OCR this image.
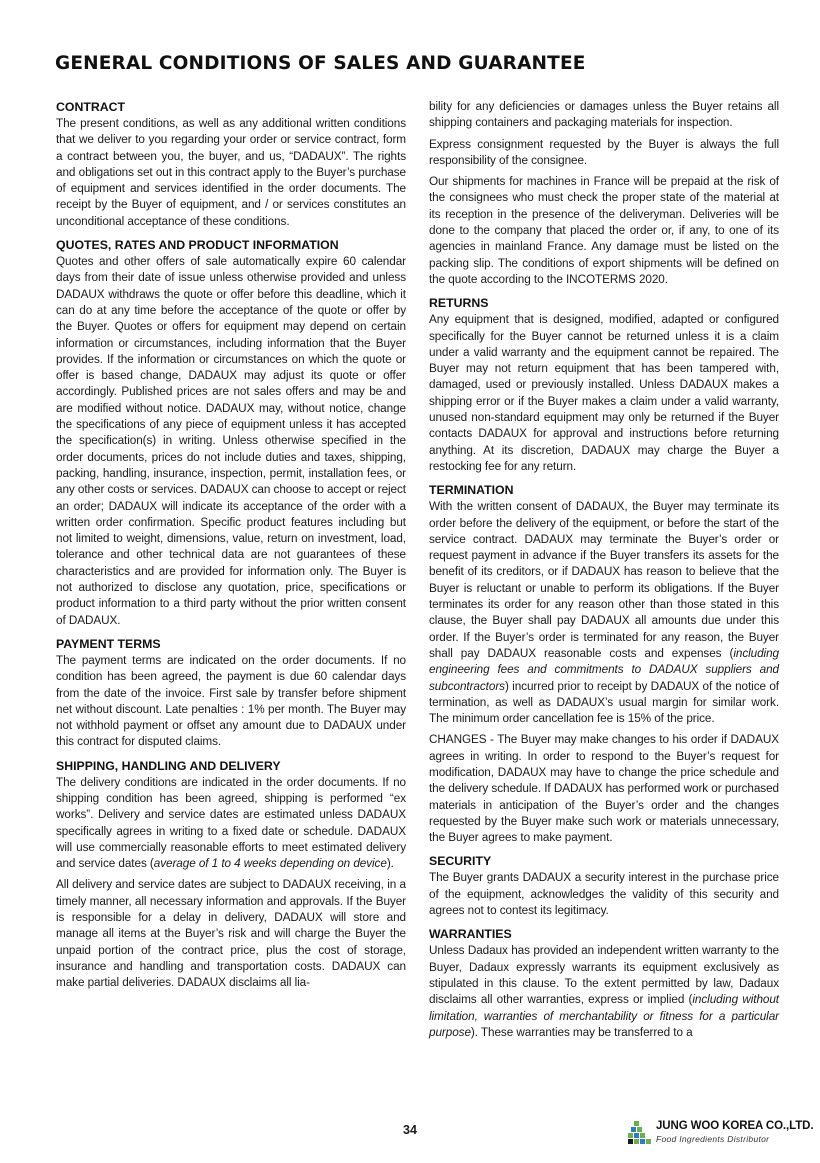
GENERAL CONDITIONS OF SALES AND GUARANTEE
CONTRACT

The present conditions, as well as any additional written conditions that we deliver to you regarding your order or service contract, form a contract between you, the buyer, and us, “DADAUX”. The rights and obligations set out in this contract apply to the Buyer’s purchase of equipment and services identified in the order documents. The receipt by the Buyer of equipment, and / or services constitutes an unconditional acceptance of these conditions.

QUOTES, RATES AND PRODUCT INFORMATION

Quotes and other offers of sale automatically expire 60 calendar days from their date of issue unless otherwise provided and unless DADAUX withdraws the quote or offer before this deadline, which it can do at any time before the acceptance of the quote or offer by the Buyer. Quotes or offers for equipment may depend on certain information or circumstances, including information that the Buyer provides. If the information or circumstances on which the quote or offer is based change, DADAUX may adjust its quote or offer accordingly. Published prices are not sales offers and may be and are modified without notice. DADAUX may, without notice, change the specifications of any piece of equipment unless it has accepted the specification(s) in writing. Unless otherwise specified in the order documents, prices do not include duties and taxes, shipping, packing, handling, insurance, inspection, permit, installation fees, or any other costs or services. DADAUX can choose to accept or reject an order; DADAUX will indicate its acceptance of the order with a written order confirmation. Specific product features including but not limited to weight, dimensions, value, return on investment, load, tolerance and other technical data are not guarantees of these characteristics and are provided for information only. The Buyer is not authorized to disclose any quotation, price, specifications or product information to a third party without the prior written consent of DADAUX.

PAYMENT TERMS

The payment terms are indicated on the order documents. If no condition has been agreed, the payment is due 60 calendar days from the date of the invoice. First sale by transfer before shipment net without discount. Late penalties : 1% per month. The Buyer may not withhold payment or offset any amount due to DADAUX under this contract for disputed claims.

SHIPPING, HANDLING AND DELIVERY

The delivery conditions are indicated in the order documents. If no shipping condition has been agreed, shipping is performed “ex works”. Delivery and service dates are estimated unless DADAUX specifically agrees in writing to a fixed date or schedule. DADAUX will use commercially reasonable efforts to meet estimated delivery and service dates (average of 1 to 4 weeks depending on device).

All delivery and service dates are subject to DADAUX receiving, in a timely manner, all necessary information and approvals. If the Buyer is responsible for a delay in delivery, DADAUX will store and manage all items at the Buyer’s risk and will charge the Buyer the unpaid portion of the contract price, plus the cost of storage, insurance and handling and transportation costs. DADAUX can make partial deliveries. DADAUX disclaims all lia-

bility for any deficiencies or damages unless the Buyer retains all shipping containers and packaging materials for inspection.

Express consignment requested by the Buyer is always the full responsibility of the consignee.

Our shipments for machines in France will be prepaid at the risk of the consignees who must check the proper state of the material at its reception in the presence of the deliveryman. Deliveries will be done to the company that placed the order or, if any, to one of its agencies in mainland France. Any damage must be listed on the packing slip. The conditions of export shipments will be defined on the quote according to the INCOTERMS 2020.

RETURNS

Any equipment that is designed, modified, adapted or configured specifically for the Buyer cannot be returned unless it is a claim under a valid warranty and the equipment cannot be repaired. The Buyer may not return equipment that has been tampered with, damaged, used or previously installed. Unless DADAUX makes a shipping error or if the Buyer makes a claim under a valid warranty, unused non-standard equipment may only be returned if the Buyer contacts DADAUX for approval and instructions before returning anything. At its discretion, DADAUX may charge the Buyer a restocking fee for any return.

TERMINATION

With the written consent of DADAUX, the Buyer may terminate its order before the delivery of the equipment, or before the start of the service contract. DADAUX may terminate the Buyer’s order or request payment in advance if the Buyer transfers its assets for the benefit of its creditors, or if DADAUX has reason to believe that the Buyer is reluctant or unable to perform its obligations. If the Buyer terminates its order for any reason other than those stated in this clause, the Buyer shall pay DADAUX all amounts due under this order. If the Buyer’s order is terminated for any reason, the Buyer shall pay DADAUX reasonable costs and expenses (including engineering fees and commitments to DADAUX suppliers and subcontractors) incurred prior to receipt by DADAUX of the notice of termination, as well as DADAUX’s usual margin for similar work. The minimum order cancellation fee is 15% of the price.

CHANGES - The Buyer may make changes to his order if DADAUX agrees in writing. In order to respond to the Buyer’s request for modification, DADAUX may have to change the price schedule and the delivery schedule. If DADAUX has performed work or purchased materials in anticipation of the Buyer’s order and the changes requested by the Buyer make such work or materials unnecessary, the Buyer agrees to make payment.

SECURITY

The Buyer grants DADAUX a security interest in the purchase price of the equipment, acknowledges the validity of this security and agrees not to contest its legitimacy.

WARRANTIES

Unless Dadaux has provided an independent written warranty to the Buyer, Dadaux expressly warrants its equipment exclusively as stipulated in this clause. To the extent permitted by law, Dadaux disclaims all other warranties, express or implied (including without limitation, warranties of merchantability or fitness for a particular purpose). These warranties may be transferred to a

34	JUNG WOO KOREA CO.,LTD.
Food Ingredients Distributor
